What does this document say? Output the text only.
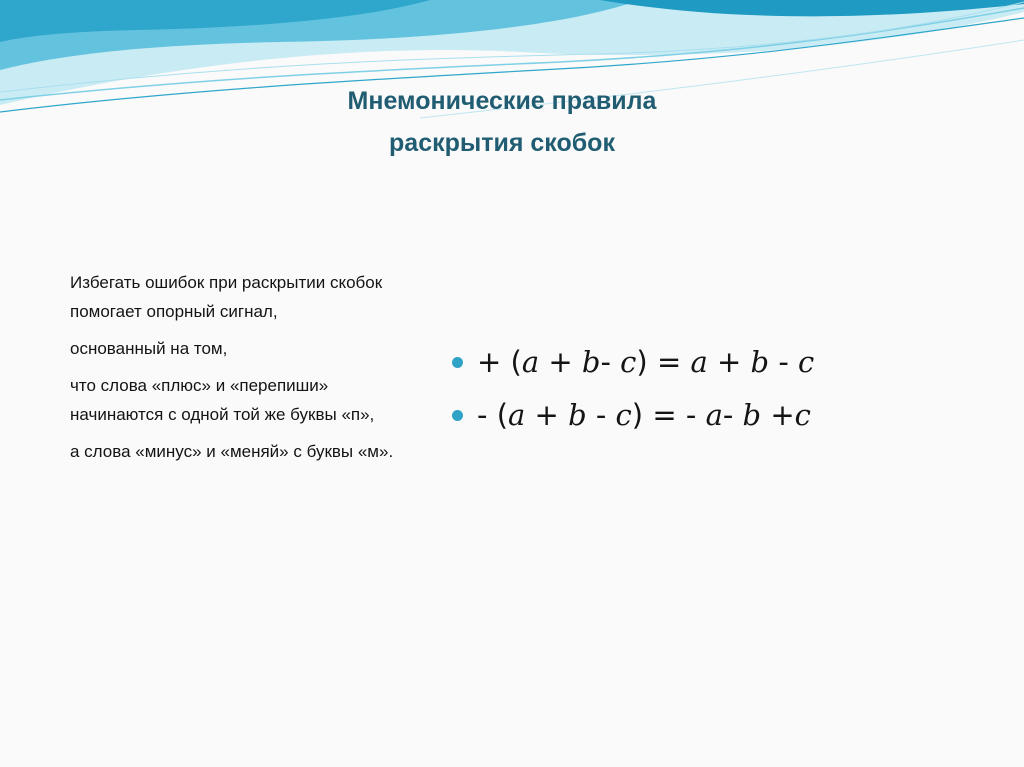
Мнемонические правила
раскрытия скобок

Избегать ошибок при раскрытии скобок помогает опорный сигнал,

основанный на том,

что слова «плюс» и «перепиши» начинаются с одной той же буквы «п»,

а слова «минус» и «меняй» с буквы «м».

+ (a + b- c) = a + b - c
- (a + b - c) = - a- b +c
